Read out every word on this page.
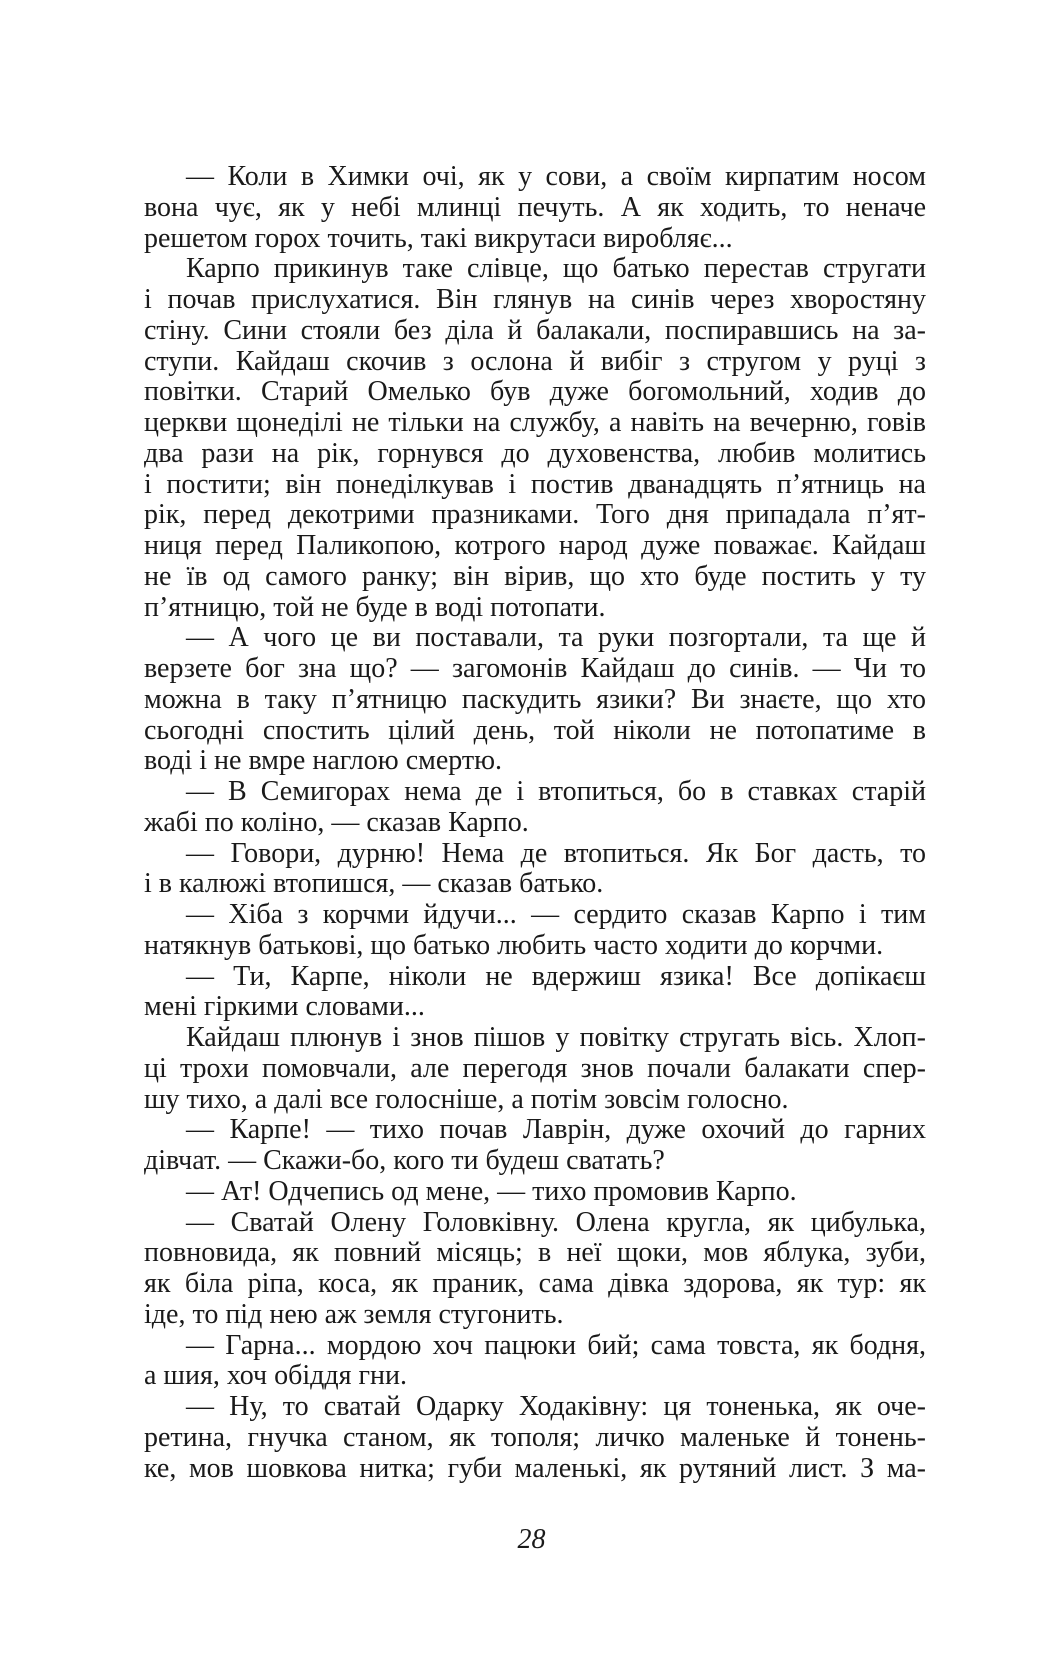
— Коли в Химки очі, як у сови, а своїм кирпатим носом
вона чує, як у небі млинці печуть. А як ходить, то неначе
решетом горох точить, такі викрутаси виробляє...
Карпо прикинув таке слівце, що батько перестав стругати
і почав прислухатися. Він глянув на синів через хворостяну
стіну. Сини стояли без діла й балакали, поспиравшись на за-
ступи. Кайдаш скочив з ослона й вибіг з стругом у руці з
повітки. Старий Омелько був дуже богомольний, ходив до
церкви щонеділі не тільки на службу, а навіть на вечерню, говів
два рази на рік, горнувся до духовенства, любив молитись
і постити; він понеділкував і постив дванадцять п’ятниць на
рік, перед декотрими празниками. Того дня припадала п’ят-
ниця перед Паликопою, котрого народ дуже поважає. Кайдаш
не їв од самого ранку; він вірив, що хто буде постить у ту
п’ятницю, той не буде в воді потопати.
— А чого це ви поставали, та руки позгортали, та ще й
верзете бог зна що? — загомонів Кайдаш до синів. — Чи то
можна в таку п’ятницю паскудить язики? Ви знаєте, що хто
сьогодні спостить цілий день, той ніколи не потопатиме в
воді і не вмре наглою смертю.
— В Семигорах нема де і втопиться, бо в ставках старій
жабі по коліно, — сказав Карпо.
— Говори, дурню! Нема де втопиться. Як Бог дасть, то
і в калюжі втопишся, — сказав батько.
— Хіба з корчми йдучи... — сердито сказав Карпо і тим
натякнув батькові, що батько любить часто ходити до корчми.
— Ти, Карпе, ніколи не вдержиш язика! Все допікаєш
мені гіркими словами...
Кайдаш плюнув і знов пішов у повітку стругать вісь. Хлоп-
ці трохи помовчали, але перегодя знов почали балакати спер-
шу тихо, а далі все голосніше, а потім зовсім голосно.
— Карпе! — тихо почав Лаврін, дуже охочий до гарних
дівчат. — Скажи-бо, кого ти будеш сватать?
— Ат! Одчепись од мене, — тихо промовив Карпо.
— Сватай Олену Головківну. Олена кругла, як цибулька,
повновида, як повний місяць; в неї щоки, мов яблука, зуби,
як біла ріпа, коса, як праник, сама дівка здорова, як тур: як
іде, то під нею аж земля стугонить.
— Гарна... мордою хоч пацюки бий; сама товста, як бодня,
а шия, хоч обіддя гни.
— Ну, то сватай Одарку Ходаківну: ця тоненька, як оче-
ретина, гнучка станом, як тополя; личко маленьке й тонень-
ке, мов шовкова нитка; губи маленькі, як рутяний лист. З ма-
28
